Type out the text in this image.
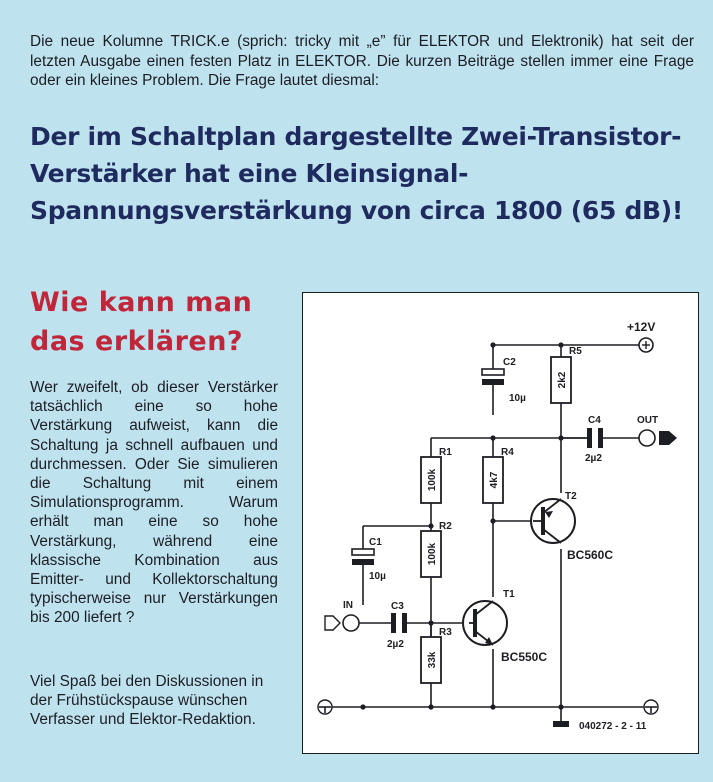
Die neue Kolumne TRICK.e (sprich: tricky mit „e” für ELEKTOR und Elektronik) hat seit der letzten Ausgabe einen festen Platz in ELEKTOR. Die kurzen Beiträge stellen immer eine Frage oder ein kleines Problem. Die Frage lautet diesmal:
Der im Schaltplan dargestellte Zwei-Transistor-Verstärker hat eine Kleinsignal-Spannungsverstärkung von circa 1800 (65 dB)!
Wie kann man das erklären?
Wer zweifelt, ob dieser Verstärker tatsächlich eine so hohe Verstärkung aufweist, kann die Schaltung ja schnell aufbauen und durchmessen. Oder Sie simulieren die Schaltung mit einem Simulationsprogramm. Warum erhält man eine so hohe Verstärkung, während eine klassische Kombination aus Emitter- und Kollektorschaltung typischerweise nur Verstärkungen bis 200 liefert ?
Viel Spaß bei den Diskussionen in der Frühstückspause wünschen Verfasser und Elektor-Redaktion.
2k2
100k	4k7
100k
33k
R5
R1	R4
R2
R3
C2
10µ
C1
10µ
C3
2µ2
C4
2µ2
T1
BC550C
T2
BC560C
+12V
OUT
IN
040272 - 2 - 11
